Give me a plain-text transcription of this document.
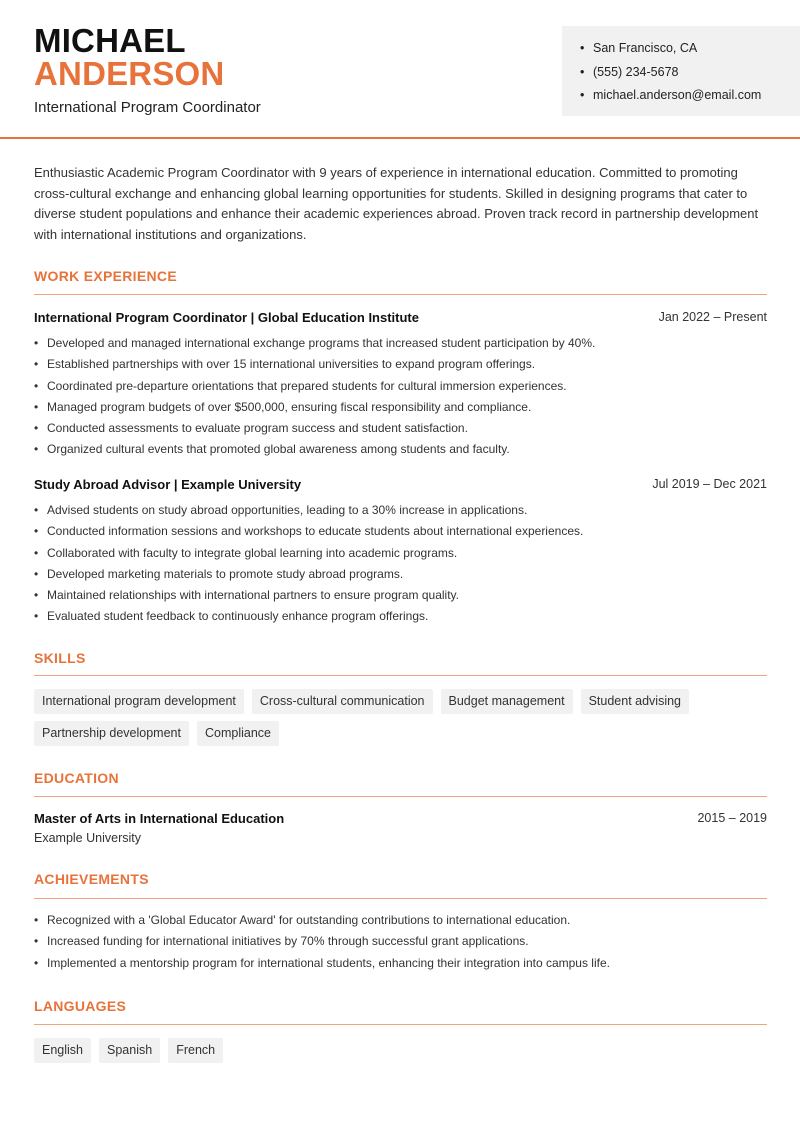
MICHAEL
ANDERSON
International Program Coordinator
• San Francisco, CA
• (555) 234-5678
• michael.anderson@email.com

Enthusiastic Academic Program Coordinator with 9 years of experience in international education. Committed to promoting cross-cultural exchange and enhancing global learning opportunities for students. Skilled in designing programs that cater to diverse student populations and enhance their academic experiences abroad. Proven track record in partnership development with international institutions and organizations.

WORK EXPERIENCE
International Program Coordinator | Global Education Institute	Jan 2022 – Present
• Developed and managed international exchange programs that increased student participation by 40%.
• Established partnerships with over 15 international universities to expand program offerings.
• Coordinated pre-departure orientations that prepared students for cultural immersion experiences.
• Managed program budgets of over $500,000, ensuring fiscal responsibility and compliance.
• Conducted assessments to evaluate program success and student satisfaction.
• Organized cultural events that promoted global awareness among students and faculty.
Study Abroad Advisor | Example University	Jul 2019 – Dec 2021
• Advised students on study abroad opportunities, leading to a 30% increase in applications.
• Conducted information sessions and workshops to educate students about international experiences.
• Collaborated with faculty to integrate global learning into academic programs.
• Developed marketing materials to promote study abroad programs.
• Maintained relationships with international partners to ensure program quality.
• Evaluated student feedback to continuously enhance program offerings.
SKILLS
International program development	Cross-cultural communication	Budget management	Student advising
Partnership development	Compliance
EDUCATION
Master of Arts in International Education	2015 – 2019
Example University
ACHIEVEMENTS
• Recognized with a 'Global Educator Award' for outstanding contributions to international education.
• Increased funding for international initiatives by 70% through successful grant applications.
• Implemented a mentorship program for international students, enhancing their integration into campus life.
LANGUAGES
English	Spanish	French
